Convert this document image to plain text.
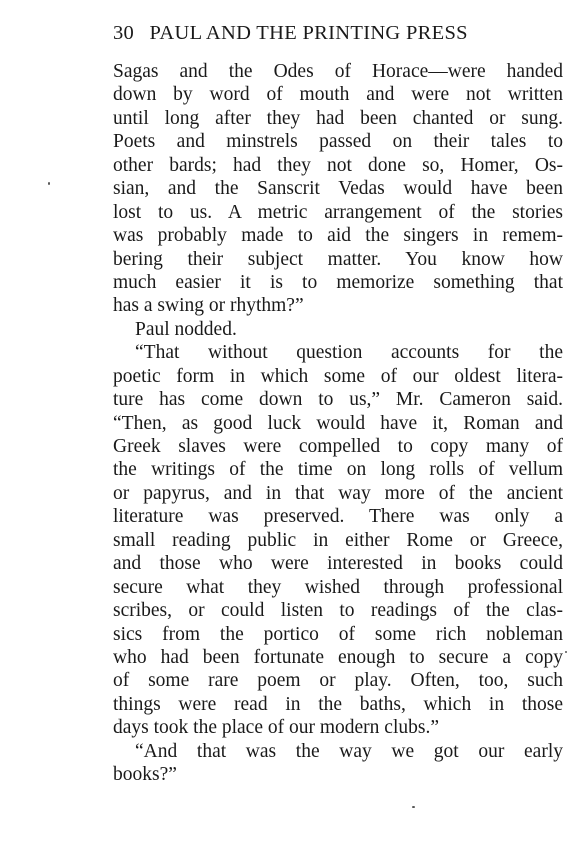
30 PAUL AND THE PRINTING PRESS
Sagas and the Odes of Horace—were handed
down by word of mouth and were not written
until long after they had been chanted or sung.
Poets and minstrels passed on their tales to
other bards; had they not done so, Homer, Os-
sian, and the Sanscrit Vedas would have been
lost to us. A metric arrangement of the stories
was probably made to aid the singers in remem-
bering their subject matter. You know how
much easier it is to memorize something that
has a swing or rhythm?”
Paul nodded.
“That without question accounts for the
poetic form in which some of our oldest litera-
ture has come down to us,” Mr. Cameron said.
“Then, as good luck would have it, Roman and
Greek slaves were compelled to copy many of
the writings of the time on long rolls of vellum
or papyrus, and in that way more of the ancient
literature was preserved. There was only a
small reading public in either Rome or Greece,
and those who were interested in books could
secure what they wished through professional
scribes, or could listen to readings of the clas-
sics from the portico of some rich nobleman
who had been fortunate enough to secure a copy
of some rare poem or play. Often, too, such
things were read in the baths, which in those
days took the place of our modern clubs.”
“And that was the way we got our early
books?”
